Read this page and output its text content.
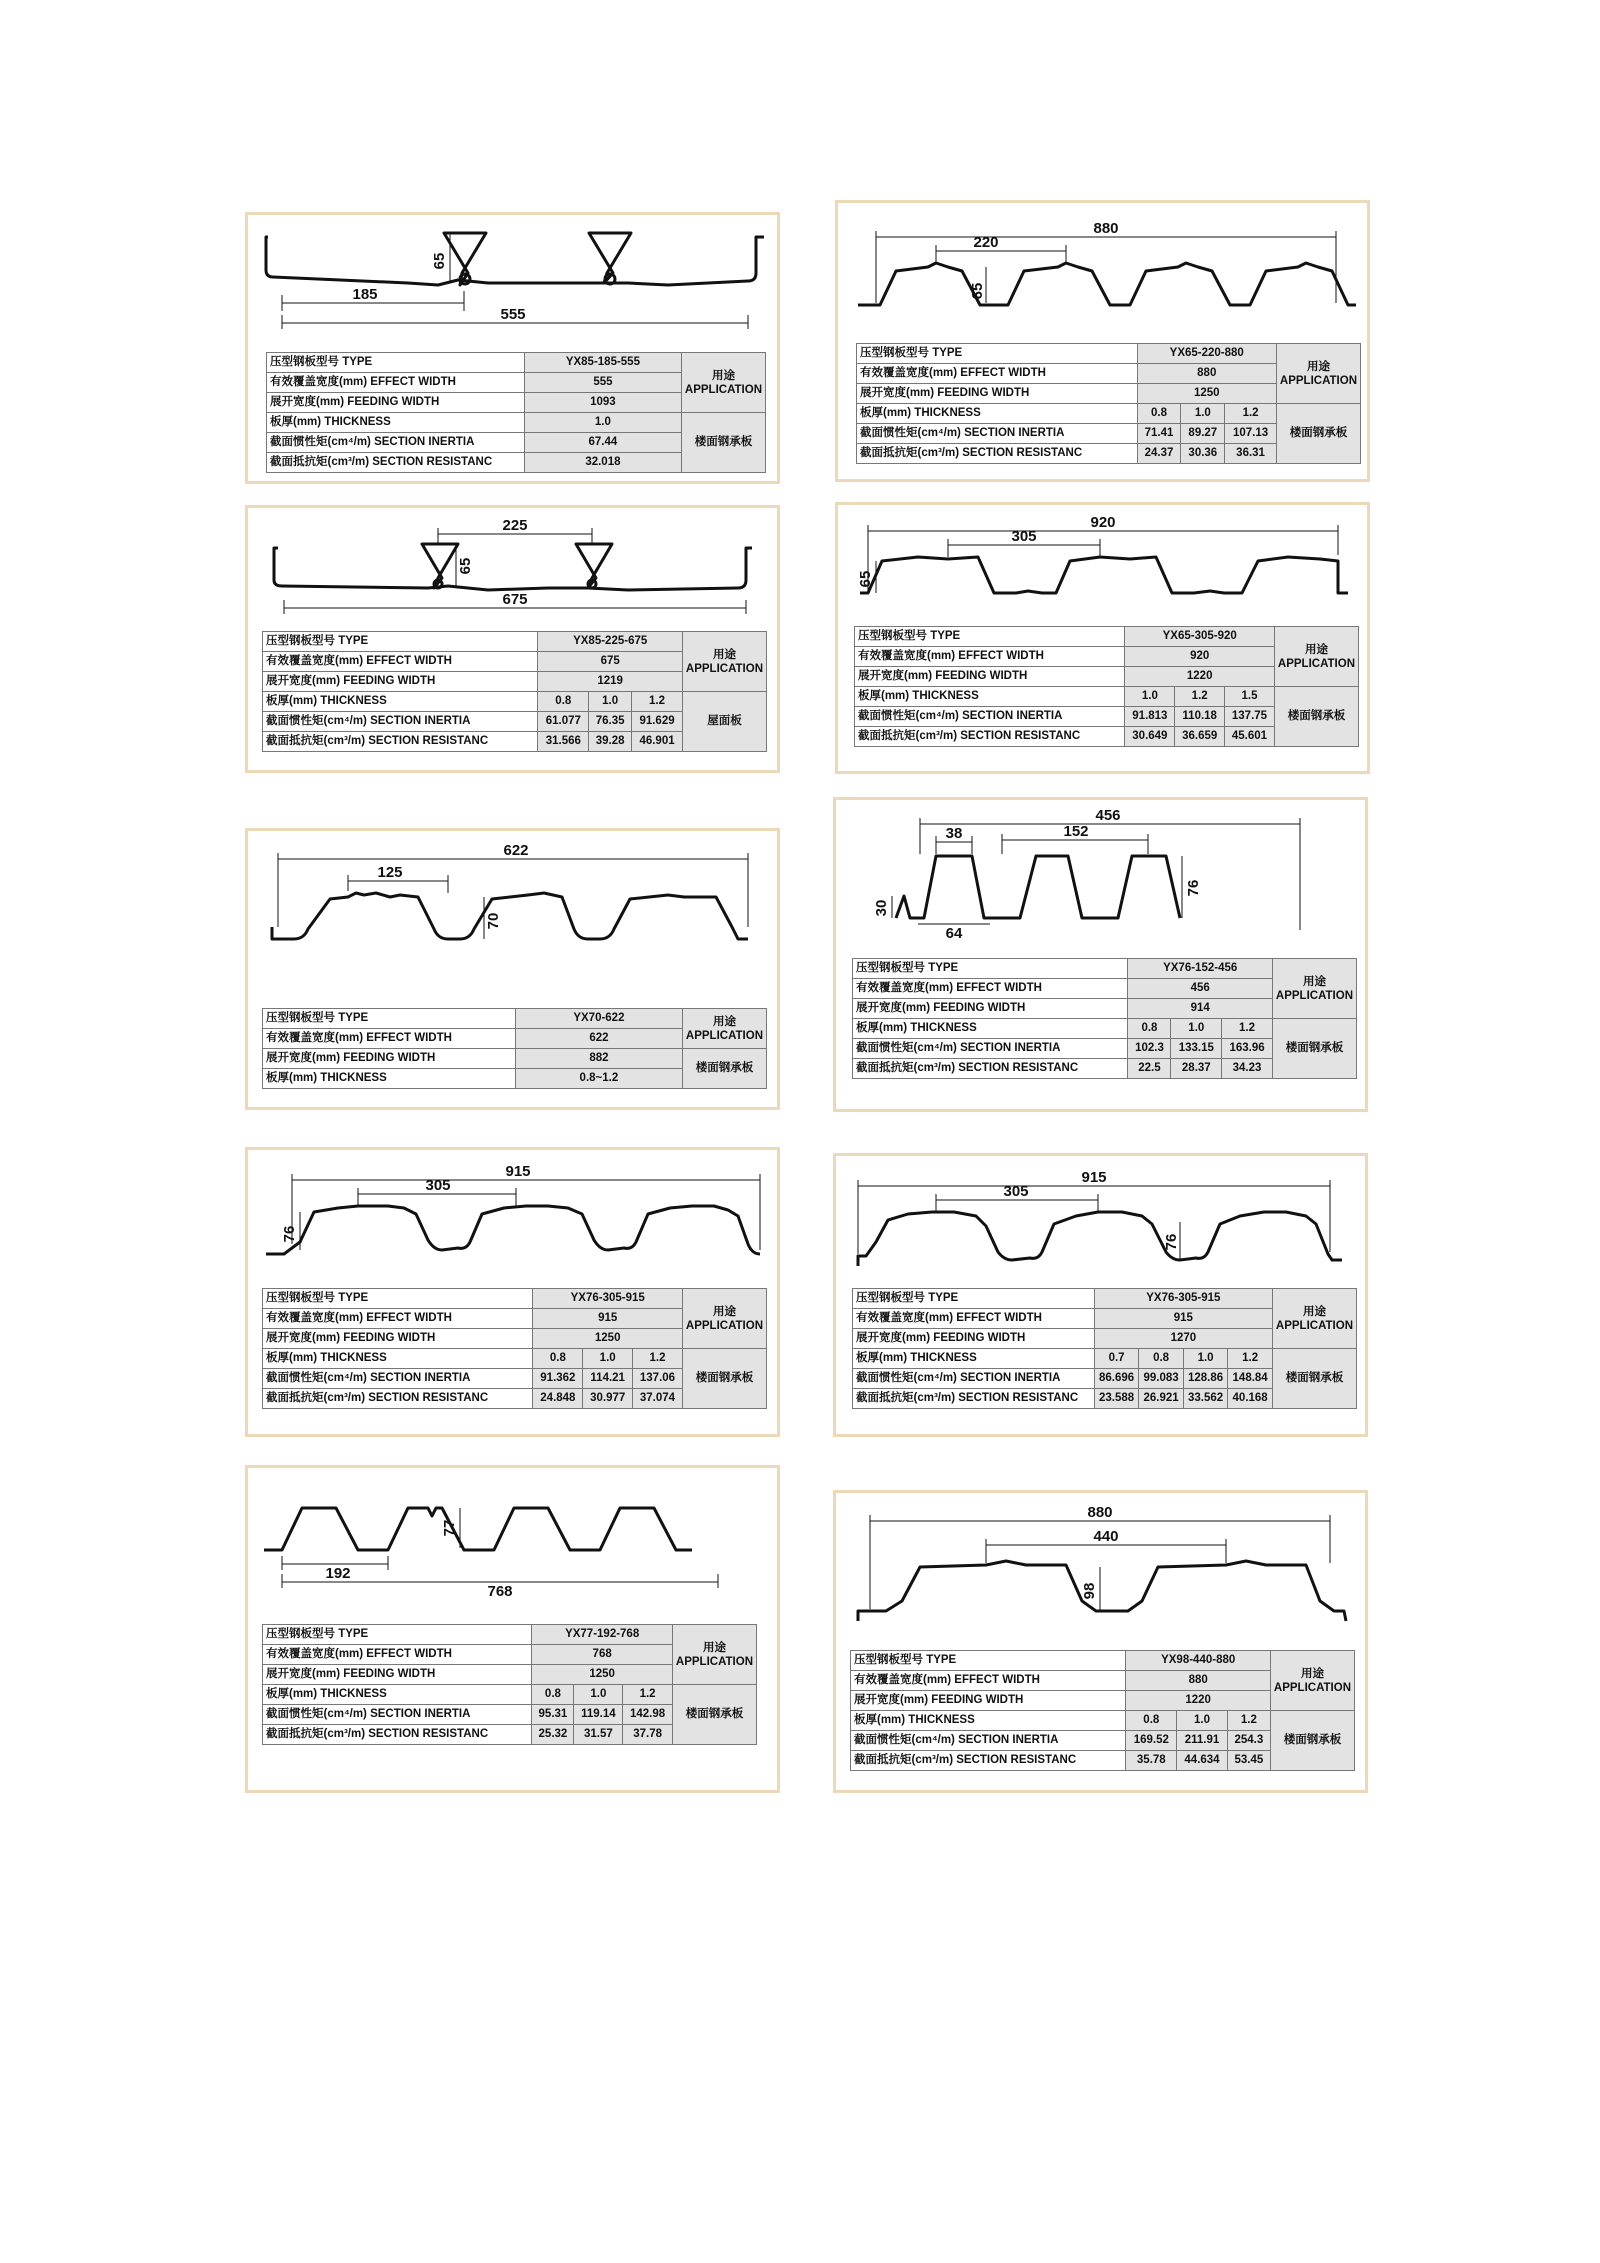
65
185
555
压型钢板型号 TYPE	YX85-185-555	用途
APPLICATION
有效覆盖宽度(mm) EFFECT WIDTH	555	
展开宽度(mm) FEEDING WIDTH	1093	
板厚(mm) THICKNESS	1.0	楼面钢承板
截面惯性矩(cm⁴/m) SECTION INERTIA	67.44	
截面抵抗矩(cm³/m) SECTION RESISTANC	32.018	
880
220
65
压型钢板型号 TYPE	YX65-220-880			用途
APPLICATION
有效覆盖宽度(mm) EFFECT WIDTH	880			
展开宽度(mm) FEEDING WIDTH	1250			
板厚(mm) THICKNESS	0.8	1.0	1.2	楼面钢承板
截面惯性矩(cm⁴/m) SECTION INERTIA	71.41	89.27	107.13	
截面抵抗矩(cm³/m) SECTION RESISTANC	24.37	30.36	36.31	
225
65
675
压型钢板型号 TYPE	YX85-225-675			用途
APPLICATION
有效覆盖宽度(mm) EFFECT WIDTH	675			
展开宽度(mm) FEEDING WIDTH	1219			
板厚(mm) THICKNESS	0.8	1.0	1.2	屋面板
截面惯性矩(cm⁴/m) SECTION INERTIA	61.077	76.35	91.629	
截面抵抗矩(cm³/m) SECTION RESISTANC	31.566	39.28	46.901	
920
305
65
压型钢板型号 TYPE	YX65-305-920			用途
APPLICATION
有效覆盖宽度(mm) EFFECT WIDTH	920			
展开宽度(mm) FEEDING WIDTH	1220			
板厚(mm) THICKNESS	1.0	1.2	1.5	楼面钢承板
截面惯性矩(cm⁴/m) SECTION INERTIA	91.813	110.18	137.75	
截面抵抗矩(cm³/m) SECTION RESISTANC	30.649	36.659	45.601	
622
125
70
压型钢板型号 TYPE	YX70-622	用途
APPLICATION
有效覆盖宽度(mm) EFFECT WIDTH	622	
展开宽度(mm) FEEDING WIDTH	882	楼面钢承板
板厚(mm) THICKNESS	0.8~1.2	
456
38	152
30
76
64
压型钢板型号 TYPE	YX76-152-456			用途
APPLICATION
有效覆盖宽度(mm) EFFECT WIDTH	456			
展开宽度(mm) FEEDING WIDTH	914			
板厚(mm) THICKNESS	0.8	1.0	1.2	楼面钢承板
截面惯性矩(cm⁴/m) SECTION INERTIA	102.3	133.15	163.96	
截面抵抗矩(cm³/m) SECTION RESISTANC	22.5	28.37	34.23	
915
305
76
压型钢板型号 TYPE	YX76-305-915			用途
APPLICATION
有效覆盖宽度(mm) EFFECT WIDTH	915			
展开宽度(mm) FEEDING WIDTH	1250			
板厚(mm) THICKNESS	0.8	1.0	1.2	楼面钢承板
截面惯性矩(cm⁴/m) SECTION INERTIA	91.362	114.21	137.06	
截面抵抗矩(cm³/m) SECTION RESISTANC	24.848	30.977	37.074	
915
305
76
压型钢板型号 TYPE	YX76-305-915				用途
APPLICATION
有效覆盖宽度(mm) EFFECT WIDTH	915				
展开宽度(mm) FEEDING WIDTH	1270				
板厚(mm) THICKNESS	0.7	0.8	1.0	1.2	楼面钢承板
截面惯性矩(cm⁴/m) SECTION INERTIA	86.696	99.083	128.86	148.84	
截面抵抗矩(cm³/m) SECTION RESISTANC	23.588	26.921	33.562	40.168	
77
192
768
压型钢板型号 TYPE	YX77-192-768			用途
APPLICATION
有效覆盖宽度(mm) EFFECT WIDTH	768			
展开宽度(mm) FEEDING WIDTH	1250			
板厚(mm) THICKNESS	0.8	1.0	1.2	楼面钢承板
截面惯性矩(cm⁴/m) SECTION INERTIA	95.31	119.14	142.98	
截面抵抗矩(cm³/m) SECTION RESISTANC	25.32	31.57	37.78	
880
440
98
压型钢板型号 TYPE	YX98-440-880			用途
APPLICATION
有效覆盖宽度(mm) EFFECT WIDTH	880			
展开宽度(mm) FEEDING WIDTH	1220			
板厚(mm) THICKNESS	0.8	1.0	1.2	楼面钢承板
截面惯性矩(cm⁴/m) SECTION INERTIA	169.52	211.91	254.3	
截面抵抗矩(cm³/m) SECTION RESISTANC	35.78	44.634	53.45	
